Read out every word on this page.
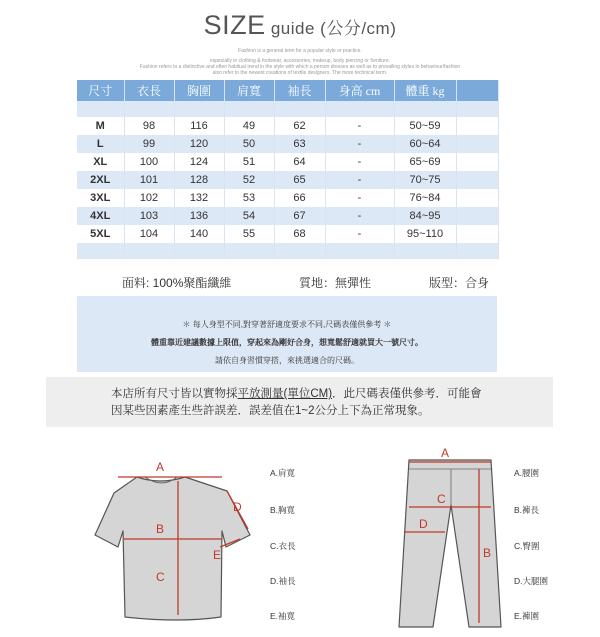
SIZE guide (公分/cm)
Fashion is a general term for a popular style or practice.
especially in clothing & footwear, accessories, makeup, body piercing or furniture.
Fashion refers to a distinctive and often habitual trend in the style with which a person dresses as well as to prevailing styles in behaviour/fashion
also refer to the newest creations of textile designers. The more technical term.
尺寸	衣長	胸圍	肩寬	袖長	身高 cm	體重 kg	

M	98	116	49	62	-	50~59	
L	99	120	50	63	-	60~64	
XL	100	124	51	64	-	65~69	
2XL	101	128	52	65	-	70~75	
3XL	102	132	53	66	-	76~84	
4XL	103	136	54	67	-	84~95	
5XL	104	140	55	68	-	95~110	

面料: 100%聚酯纖維	質地：無彈性	版型：合身
＊ 每人身型不同,對穿著舒適度要求不同,尺碼表僅供參考 ＊
體重靠近建議數據上限值，穿起來為剛好合身，想寬鬆舒適就買大一號尺寸。
請依自身習慣穿搭，來挑選適合的尺碼。
本店所有尺寸皆以實物採平放測量(單位CM)．此尺碼表僅供參考．可能會
因某些因素產生些許誤差．誤差值在1~2公分上下為正常現象。
A
B
C
D
E
A.肩寬
B.胸寬
C.衣長
D.袖長
E.袖寬
A
B
C
D
A.腰圍
B.褲長
C.臀圍
D.大腿圍
E.褲圍
